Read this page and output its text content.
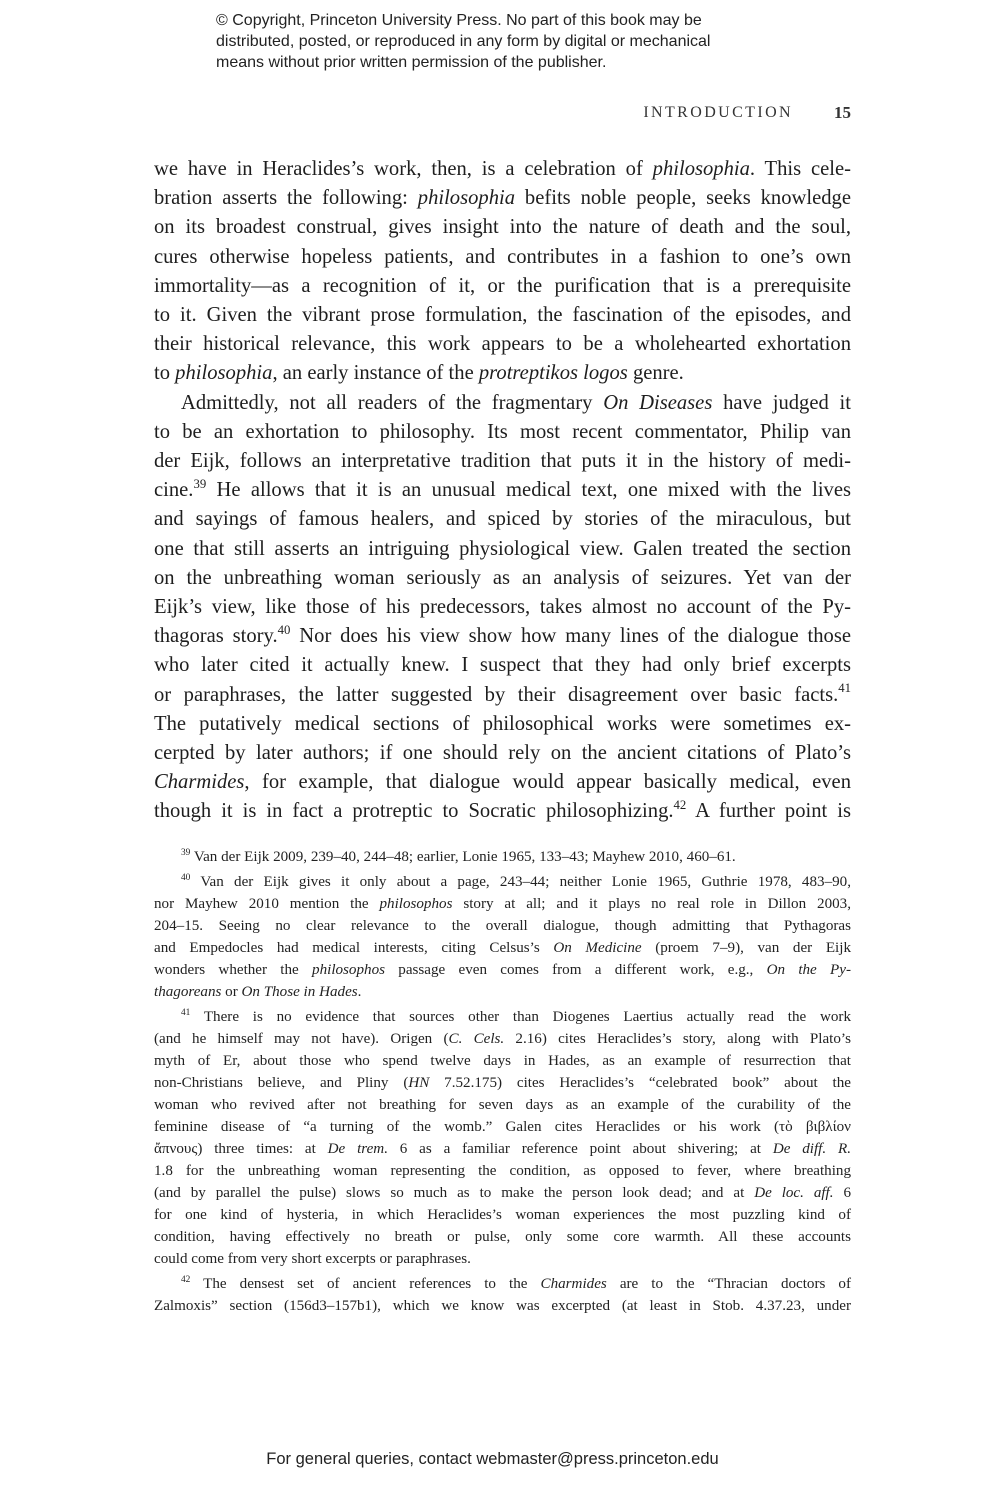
© Copyright, Princeton University Press. No part of this book may be
distributed, posted, or reproduced in any form by digital or mechanical
means without prior written permission of the publisher.
INTRODUCTION 15
we have in Heraclides’s work, then, is a celebration of philosophia. This cele-
bration asserts the following: philosophia befits noble people, seeks knowledge
on its broadest construal, gives insight into the nature of death and the soul,
cures otherwise hopeless patients, and contributes in a fashion to one’s own
immortality—as a recognition of it, or the purification that is a prerequisite
to it. Given the vibrant prose formulation, the fascination of the episodes, and
their historical relevance, this work appears to be a wholehearted exhortation
to philosophia, an early instance of the protreptikos logos genre.
Admittedly, not all readers of the fragmentary On Diseases have judged it
to be an exhortation to philosophy. Its most recent commentator, Philip van
der Eijk, follows an interpretative tradition that puts it in the history of medi-
cine.$^{39}$ He allows that it is an unusual medical text, one mixed with the lives
and sayings of famous healers, and spiced by stories of the miraculous, but
one that still asserts an intriguing physiological view. Galen treated the section
on the unbreathing woman seriously as an analysis of seizures. Yet van der
Eijk’s view, like those of his predecessors, takes almost no account of the Py-
thagoras story.$^{40}$ Nor does his view show how many lines of the dialogue those
who later cited it actually knew. I suspect that they had only brief excerpts
or paraphrases, the latter suggested by their disagreement over basic facts.$^{41}$
The putatively medical sections of philosophical works were sometimes ex-
cerpted by later authors; if one should rely on the ancient citations of Plato’s
Charmides, for example, that dialogue would appear basically medical, even
though it is in fact a protreptic to Socratic philosophizing.$^{42}$ A further point is
$^{39}$ Van der Eijk 2009, 239–40, 244–48; earlier, Lonie 1965, 133–43; Mayhew 2010, 460–61.
$^{40}$ Van der Eijk gives it only about a page, 243–44; neither Lonie 1965, Guthrie 1978, 483–90,
nor Mayhew 2010 mention the philosophos story at all; and it plays no real role in Dillon 2003,
204–15. Seeing no clear relevance to the overall dialogue, though admitting that Pythagoras
and Empedocles had medical interests, citing Celsus’s On Medicine (proem 7–9), van der Eijk
wonders whether the philosophos passage even comes from a different work, e.g., On the Py-
thagoreans or On Those in Hades.
$^{41}$ There is no evidence that sources other than Diogenes Laertius actually read the work
(and he himself may not have). Origen (C. Cels. 2.16) cites Heraclides’s story, along with Plato’s
myth of Er, about those who spend twelve days in Hades, as an example of resurrection that
non-Christians believe, and Pliny (HN 7.52.175) cites Heraclides’s “celebrated book” about the
woman who revived after not breathing for seven days as an example of the curability of the
feminine disease of “a turning of the womb.” Galen cites Heraclides or his work (τὸ βιβλίον
ἄπνους) three times: at De trem. 6 as a familiar reference point about shivering; at De diff. R.
1.8 for the unbreathing woman representing the condition, as opposed to fever, where breathing
(and by parallel the pulse) slows so much as to make the person look dead; and at De loc. aff. 6
for one kind of hysteria, in which Heraclides’s woman experiences the most puzzling kind of
condition, having effectively no breath or pulse, only some core warmth. All these accounts
could come from very short excerpts or paraphrases.
$^{42}$ The densest set of ancient references to the Charmides are to the “Thracian doctors of
Zalmoxis” section (156d3–157b1), which we know was excerpted (at least in Stob. 4.37.23, under
For general queries, contact webmaster@press.princeton.edu
